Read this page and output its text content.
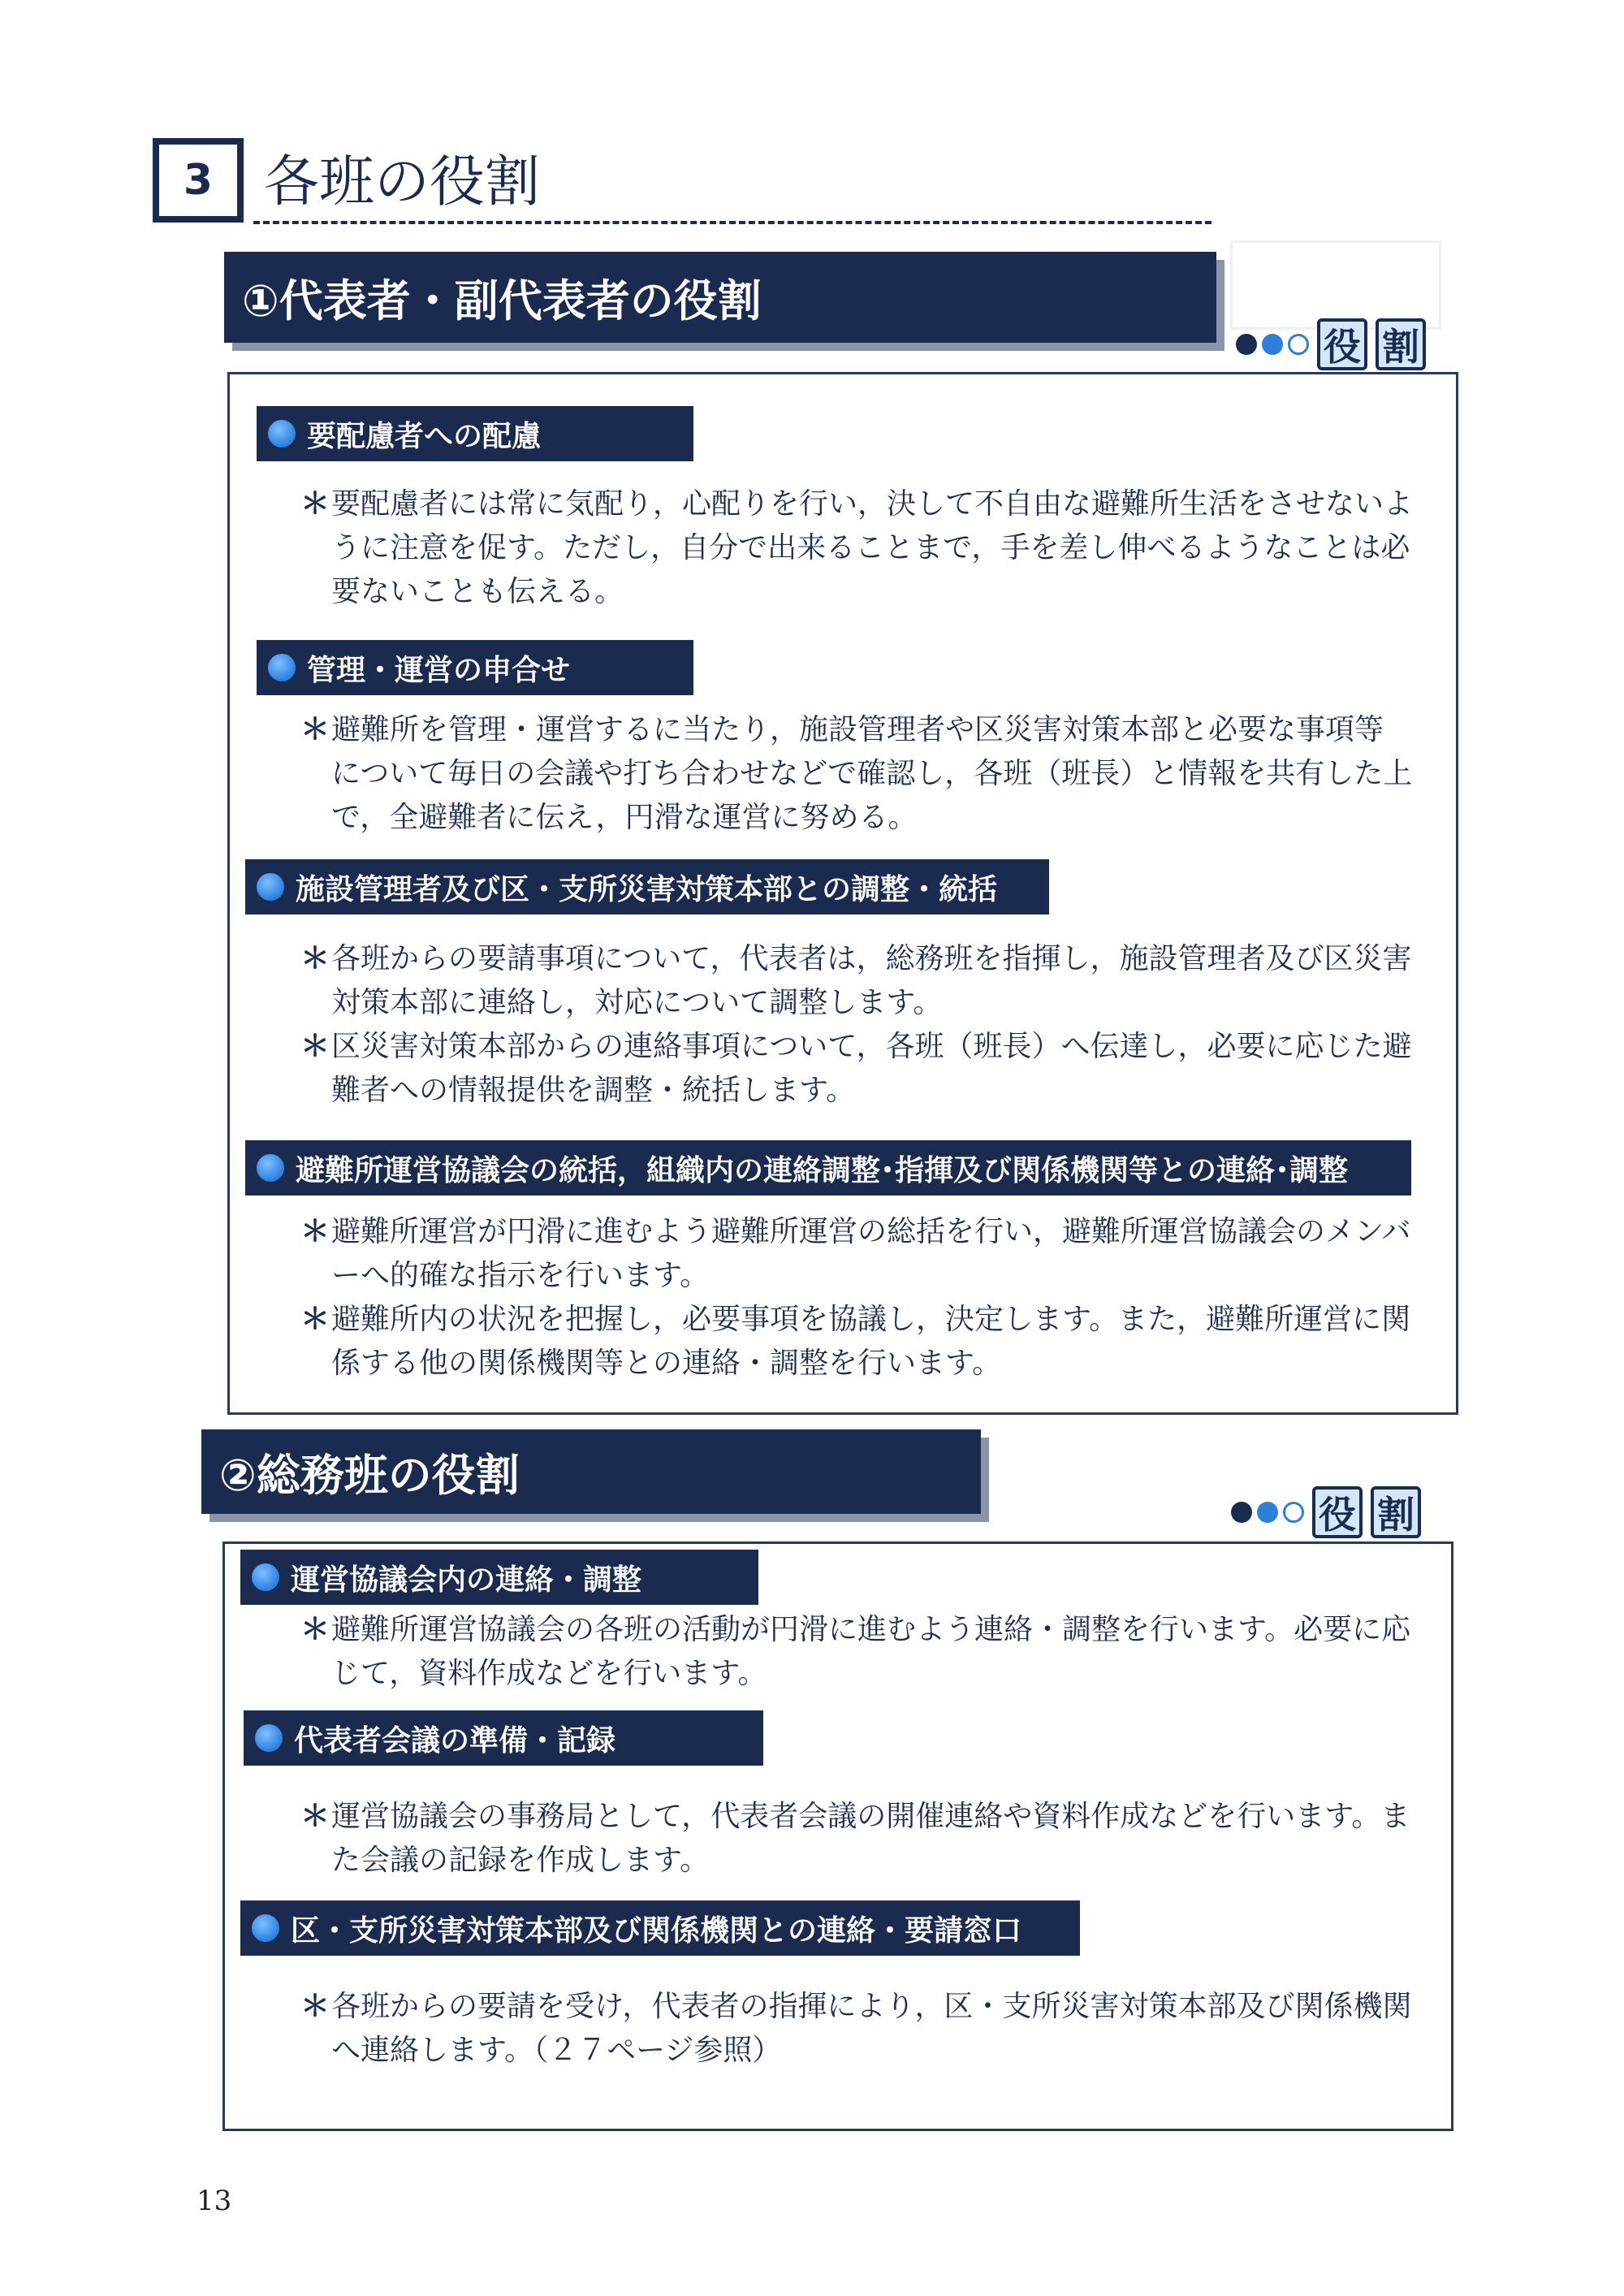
3 各班の役割
①代表者・副代表者の役割
役 割
要配慮者への配慮

＊要配慮者には常に気配り，心配りを行い，決して不自由な避難所生活をさせないように注意を促す。ただし，自分で出来ることまで，手を差し伸べるようなことは必要ないことも伝える。

管理・運営の申合せ

＊避難所を管理・運営するに当たり，施設管理者や区災害対策本部と必要な事項等について毎日の会議や打ち合わせなどで確認し，各班（班長）と情報を共有した上で，全避難者に伝え，円滑な運営に努める。

施設管理者及び区・支所災害対策本部との調整・統括

＊各班からの要請事項について，代表者は，総務班を指揮し，施設管理者及び区災害対策本部に連絡し，対応について調整します。

＊区災害対策本部からの連絡事項について，各班（班長）へ伝達し，必要に応じた避難者への情報提供を調整・統括します。

避難所運営協議会の統括，組織内の連絡調整･指揮及び関係機関等との連絡･調整

＊避難所運営が円滑に進むよう避難所運営の総括を行い，避難所運営協議会のメンバーへ的確な指示を行います。

＊避難所内の状況を把握し，必要事項を協議し，決定します。また，避難所運営に関係する他の関係機関等との連絡・調整を行います。

②総務班の役割
役 割
運営協議会内の連絡・調整

＊避難所運営協議会の各班の活動が円滑に進むよう連絡・調整を行います。必要に応じて，資料作成などを行います。

代表者会議の準備・記録

＊運営協議会の事務局として，代表者会議の開催連絡や資料作成などを行います。また会議の記録を作成します。

区・支所災害対策本部及び関係機関との連絡・要請窓口

＊各班からの要請を受け，代表者の指揮により，区・支所災害対策本部及び関係機関へ連絡します。（２７ページ参照）

13
